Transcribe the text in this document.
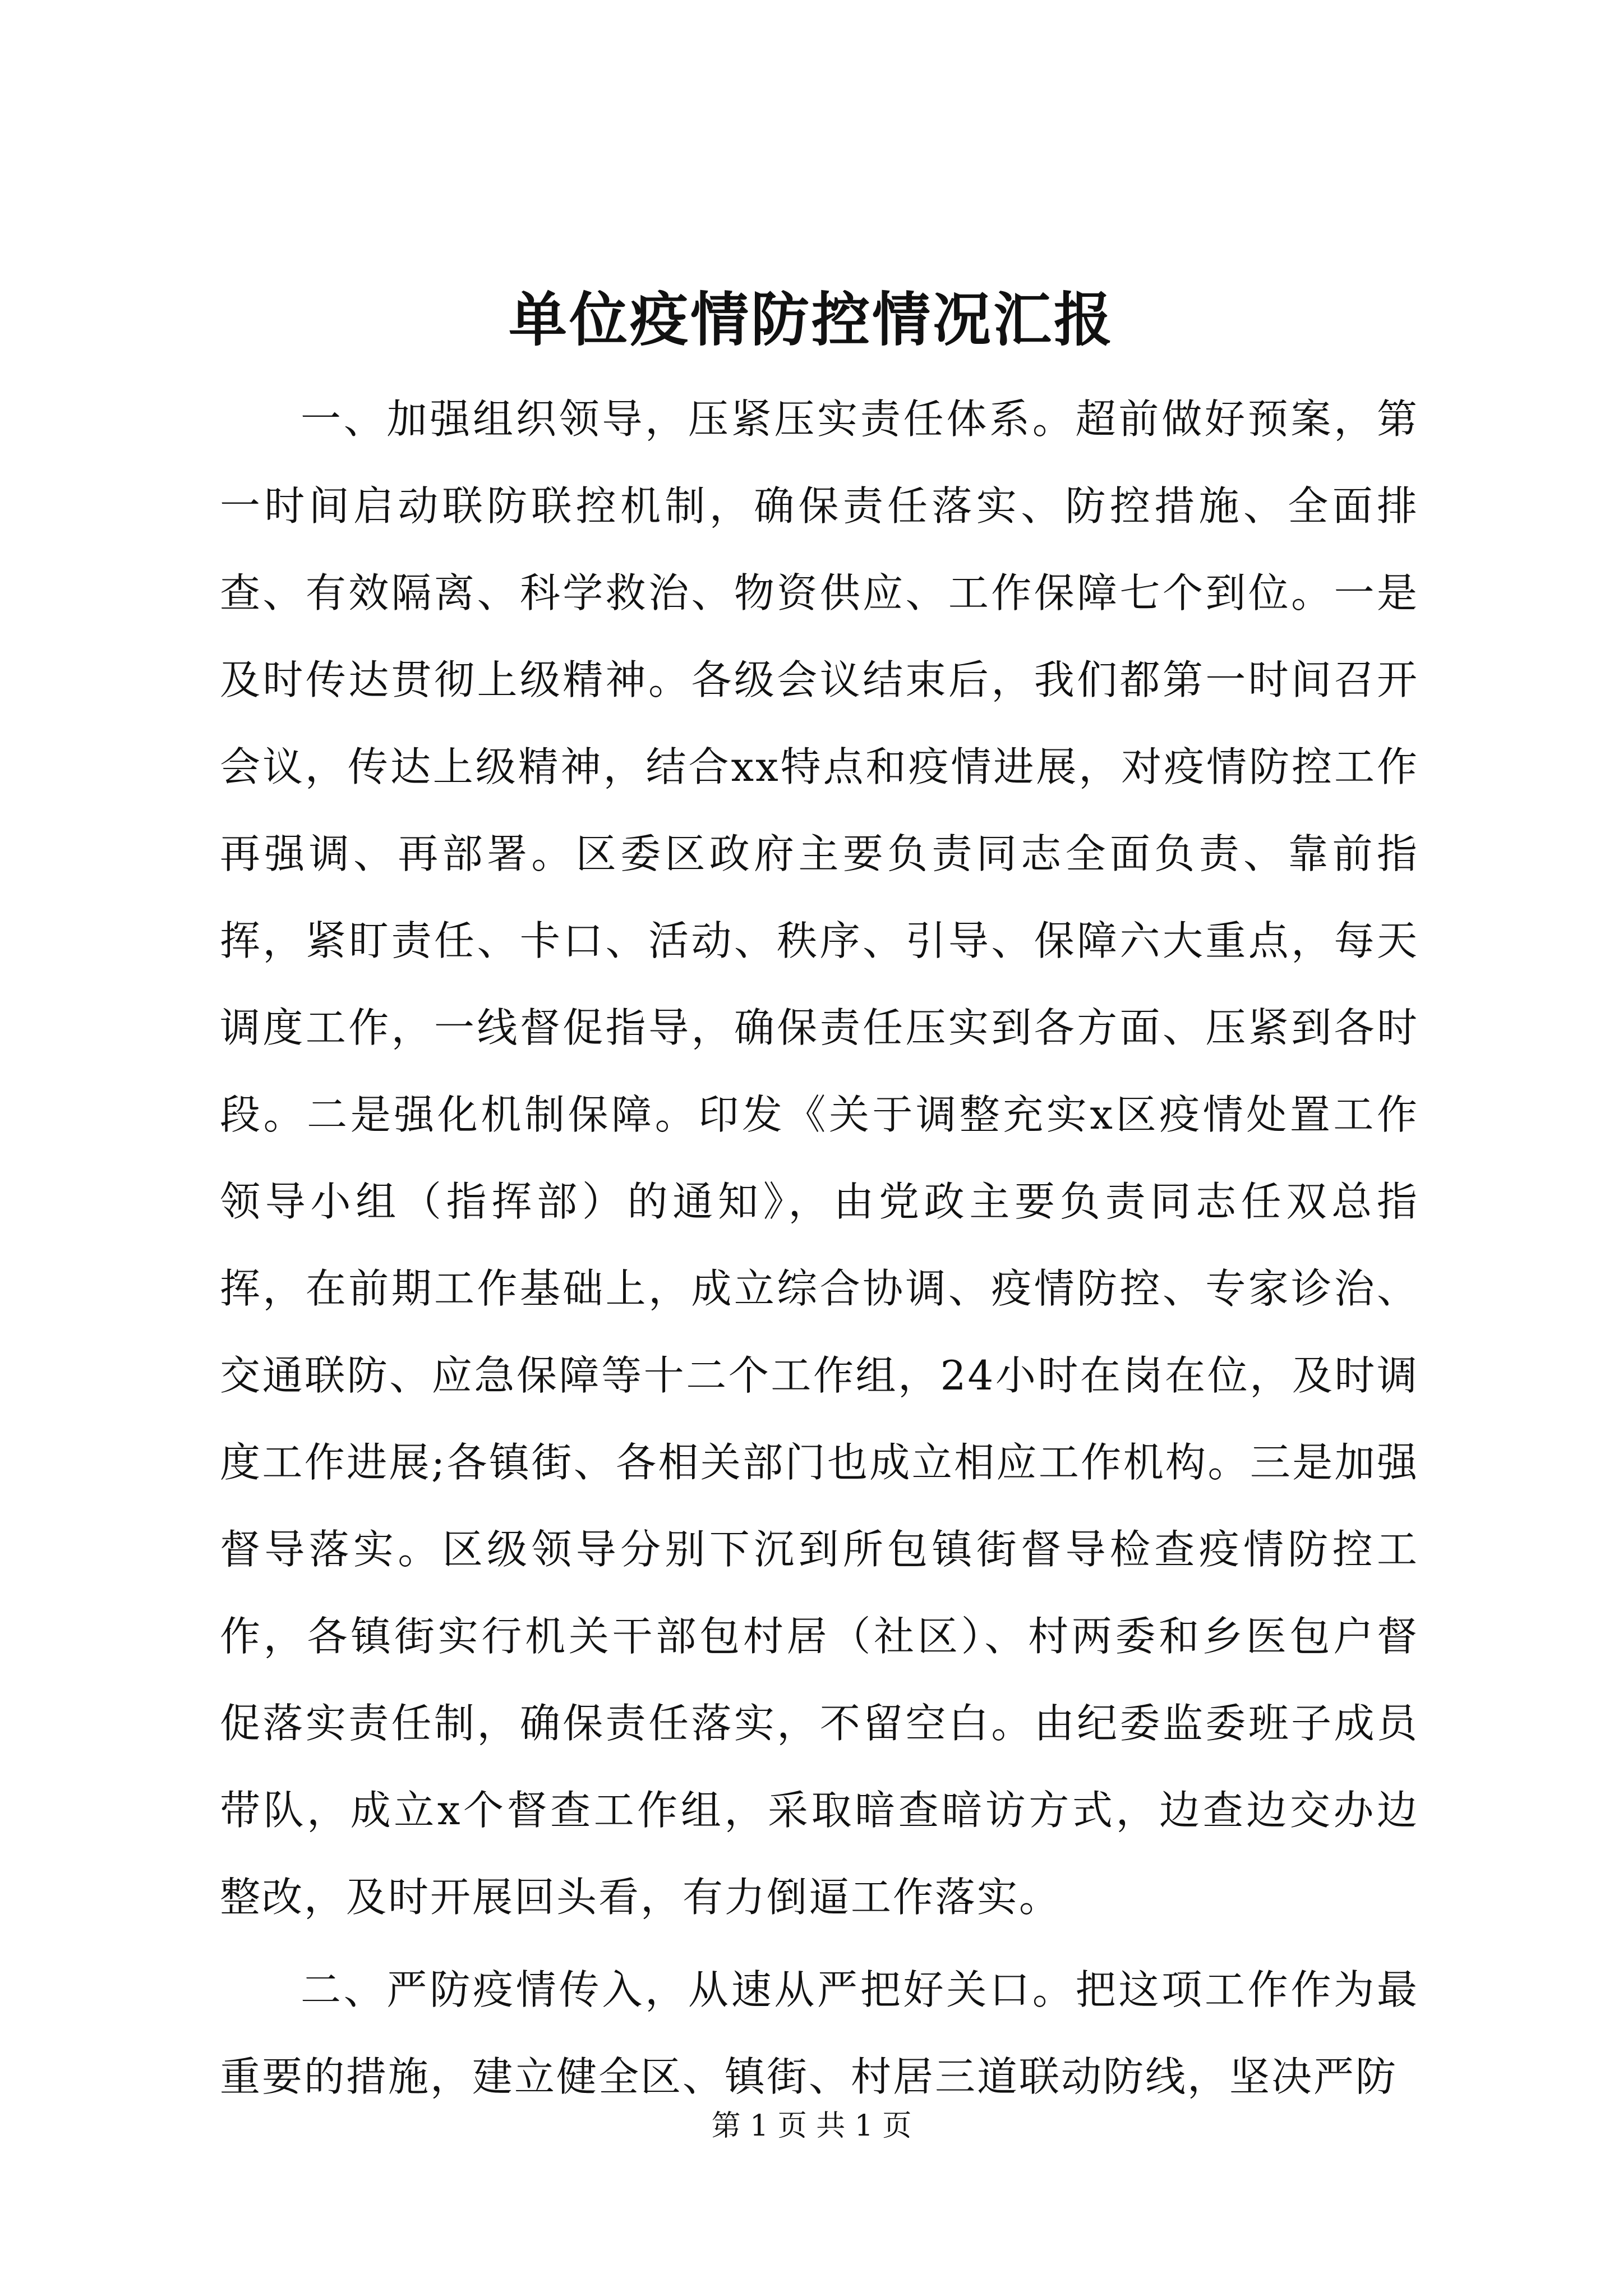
单位疫情防控情况汇报

一、加强组织领导，压紧压实责任体系。超前做好预案，第一时间启动联防联控机制，确保责任落实、防控措施、全面排查、有效隔离、科学救治、物资供应、工作保障七个到位。一是及时传达贯彻上级精神。各级会议结束后，我们都第一时间召开会议，传达上级精神，结合xx特点和疫情进展，对疫情防控工作再强调、再部署。区委区政府主要负责同志全面负责、靠前指挥，紧盯责任、卡口、活动、秩序、引导、保障六大重点，每天调度工作，一线督促指导，确保责任压实到各方面、压紧到各时段。二是强化机制保障。印发《关于调整充实x区疫情处置工作领导小组（指挥部）的通知》，由党政主要负责同志任双总指挥，在前期工作基础上，成立综合协调、疫情防控、专家诊治、交通联防、应急保障等十二个工作组，24小时在岗在位，及时调度工作进展;各镇街、各相关部门也成立相应工作机构。三是加强督导落实。区级领导分别下沉到所包镇街督导检查疫情防控工作，各镇街实行机关干部包村居（社区）、村两委和乡医包户督促落实责任制，确保责任落实，不留空白。由纪委监委班子成员带队，成立x个督查工作组，采取暗查暗访方式，边查边交办边整改，及时开展回头看，有力倒逼工作落实。

二、严防疫情传入，从速从严把好关口。把这项工作作为最重要的措施，建立健全区、镇街、村居三道联动防线，坚决严防

第 1 页 共 1 页
